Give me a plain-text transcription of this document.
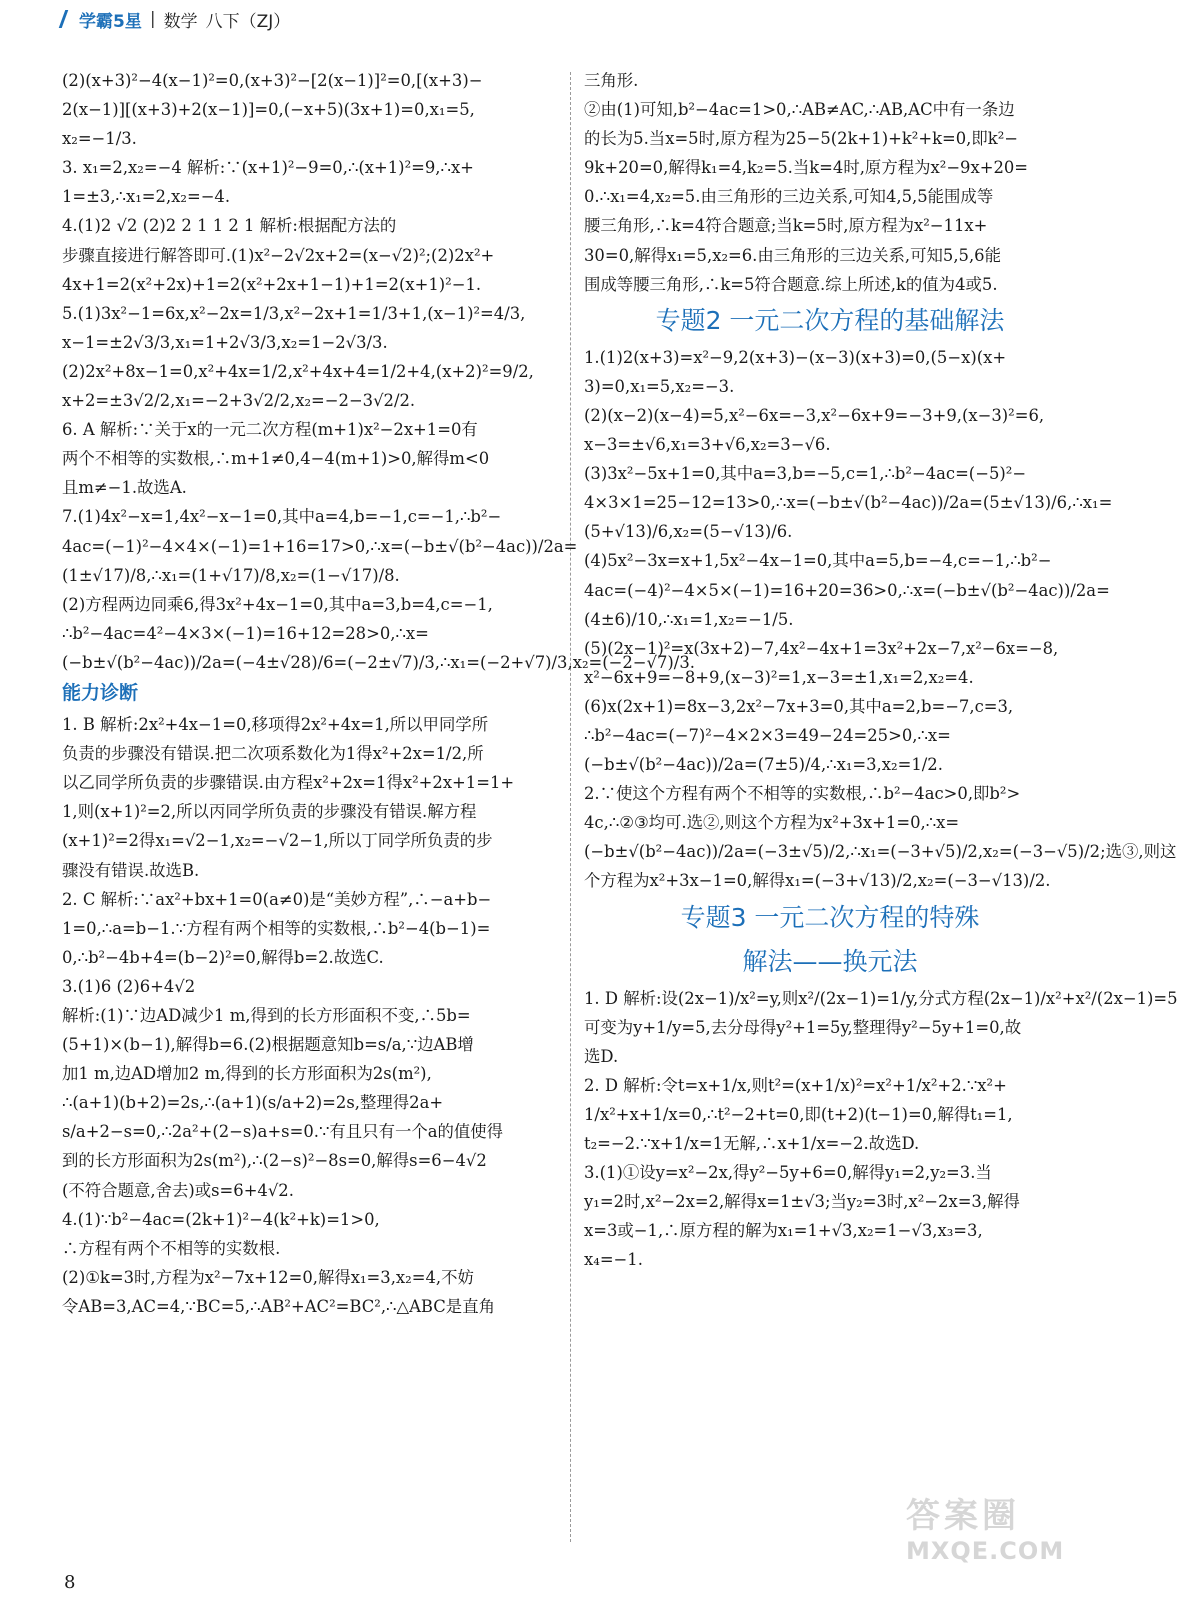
学霸5星 | 数学 八下（ZJ）
(2)(x+3)²−4(x−1)²=0,(x+3)²−[2(x−1)]²=0,[(x+3)−
2(x−1)][(x+3)+2(x−1)]=0,(−x+5)(3x+1)=0,x₁=5,
x₂=−1/3.
3. x₁=2,x₂=−4 解析:∵(x+1)²−9=0,∴(x+1)²=9,∴x+
1=±3,∴x₁=2,x₂=−4.
4.(1)2 √2 (2)2 2 1 1 2 1 解析:根据配方法的
步骤直接进行解答即可.(1)x²−2√2x+2=(x−√2)²;(2)2x²+
4x+1=2(x²+2x)+1=2(x²+2x+1−1)+1=2(x+1)²−1.
5.(1)3x²−1=6x,x²−2x=1/3,x²−2x+1=1/3+1,(x−1)²=4/3,
x−1=±2√3/3,x₁=1+2√3/3,x₂=1−2√3/3.
(2)2x²+8x−1=0,x²+4x=1/2,x²+4x+4=1/2+4,(x+2)²=9/2,
x+2=±3√2/2,x₁=−2+3√2/2,x₂=−2−3√2/2.
6. A 解析:∵关于x的一元二次方程(m+1)x²−2x+1=0有
两个不相等的实数根,∴m+1≠0,4−4(m+1)>0,解得m<0
且m≠−1.故选A.
7.(1)4x²−x=1,4x²−x−1=0,其中a=4,b=−1,c=−1,∴b²−
4ac=(−1)²−4×4×(−1)=1+16=17>0,∴x=(−b±√(b²−4ac))/2a=
(1±√17)/8,∴x₁=(1+√17)/8,x₂=(1−√17)/8.
(2)方程两边同乘6,得3x²+4x−1=0,其中a=3,b=4,c=−1,
∴b²−4ac=4²−4×3×(−1)=16+12=28>0,∴x=
(−b±√(b²−4ac))/2a=(−4±√28)/6=(−2±√7)/3,∴x₁=(−2+√7)/3,x₂=(−2−√7)/3.
能力诊断
1. B 解析:2x²+4x−1=0,移项得2x²+4x=1,所以甲同学所
负责的步骤没有错误.把二次项系数化为1得x²+2x=1/2,所
以乙同学所负责的步骤错误.由方程x²+2x=1得x²+2x+1=1+
1,则(x+1)²=2,所以丙同学所负责的步骤没有错误.解方程
(x+1)²=2得x₁=√2−1,x₂=−√2−1,所以丁同学所负责的步
骤没有错误.故选B.
2. C 解析:∵ax²+bx+1=0(a≠0)是“美妙方程”,∴−a+b−
1=0,∴a=b−1.∵方程有两个相等的实数根,∴b²−4(b−1)=
0,∴b²−4b+4=(b−2)²=0,解得b=2.故选C.
3.(1)6 (2)6+4√2
解析:(1)∵边AD减少1 m,得到的长方形面积不变,∴5b=
(5+1)×(b−1),解得b=6.(2)根据题意知b=s/a,∵边AB增
加1 m,边AD增加2 m,得到的长方形面积为2s(m²),
∴(a+1)(b+2)=2s,∴(a+1)(s/a+2)=2s,整理得2a+
s/a+2−s=0,∴2a²+(2−s)a+s=0.∵有且只有一个a的值使得
到的长方形面积为2s(m²),∴(2−s)²−8s=0,解得s=6−4√2
(不符合题意,舍去)或s=6+4√2.
4.(1)∵b²−4ac=(2k+1)²−4(k²+k)=1>0,
∴方程有两个不相等的实数根.
(2)①k=3时,方程为x²−7x+12=0,解得x₁=3,x₂=4,不妨
令AB=3,AC=4,∵BC=5,∴AB²+AC²=BC²,∴△ABC是直角
三角形.
②由(1)可知,b²−4ac=1>0,∴AB≠AC,∴AB,AC中有一条边
的长为5.当x=5时,原方程为25−5(2k+1)+k²+k=0,即k²−
9k+20=0,解得k₁=4,k₂=5.当k=4时,原方程为x²−9x+20=
0.∴x₁=4,x₂=5.由三角形的三边关系,可知4,5,5能围成等
腰三角形,∴k=4符合题意;当k=5时,原方程为x²−11x+
30=0,解得x₁=5,x₂=6.由三角形的三边关系,可知5,5,6能
围成等腰三角形,∴k=5符合题意.综上所述,k的值为4或5.
专题2 一元二次方程的基础解法
1.(1)2(x+3)=x²−9,2(x+3)−(x−3)(x+3)=0,(5−x)(x+
3)=0,x₁=5,x₂=−3.
(2)(x−2)(x−4)=5,x²−6x=−3,x²−6x+9=−3+9,(x−3)²=6,
x−3=±√6,x₁=3+√6,x₂=3−√6.
(3)3x²−5x+1=0,其中a=3,b=−5,c=1,∴b²−4ac=(−5)²−
4×3×1=25−12=13>0,∴x=(−b±√(b²−4ac))/2a=(5±√13)/6,∴x₁=
(5+√13)/6,x₂=(5−√13)/6.
(4)5x²−3x=x+1,5x²−4x−1=0,其中a=5,b=−4,c=−1,∴b²−
4ac=(−4)²−4×5×(−1)=16+20=36>0,∴x=(−b±√(b²−4ac))/2a=
(4±6)/10,∴x₁=1,x₂=−1/5.
(5)(2x−1)²=x(3x+2)−7,4x²−4x+1=3x²+2x−7,x²−6x=−8,
x²−6x+9=−8+9,(x−3)²=1,x−3=±1,x₁=2,x₂=4.
(6)x(2x+1)=8x−3,2x²−7x+3=0,其中a=2,b=−7,c=3,
∴b²−4ac=(−7)²−4×2×3=49−24=25>0,∴x=
(−b±√(b²−4ac))/2a=(7±5)/4,∴x₁=3,x₂=1/2.
2.∵使这个方程有两个不相等的实数根,∴b²−4ac>0,即b²>
4c,∴②③均可.选②,则这个方程为x²+3x+1=0,∴x=
(−b±√(b²−4ac))/2a=(−3±√5)/2,∴x₁=(−3+√5)/2,x₂=(−3−√5)/2;选③,则这
个方程为x²+3x−1=0,解得x₁=(−3+√13)/2,x₂=(−3−√13)/2.
专题3 一元二次方程的特殊
解法——换元法
1. D 解析:设(2x−1)/x²=y,则x²/(2x−1)=1/y,分式方程(2x−1)/x²+x²/(2x−1)=5
可变为y+1/y=5,去分母得y²+1=5y,整理得y²−5y+1=0,故
选D.
2. D 解析:令t=x+1/x,则t²=(x+1/x)²=x²+1/x²+2.∵x²+
1/x²+x+1/x=0,∴t²−2+t=0,即(t+2)(t−1)=0,解得t₁=1,
t₂=−2.∵x+1/x=1无解,∴x+1/x=−2.故选D.
3.(1)①设y=x²−2x,得y²−5y+6=0,解得y₁=2,y₂=3.当
y₁=2时,x²−2x=2,解得x=1±√3;当y₂=3时,x²−2x=3,解得
x=3或−1,∴原方程的解为x₁=1+√3,x₂=1−√3,x₃=3,
x₄=−1.
8
答案圈
MXQE.COM
